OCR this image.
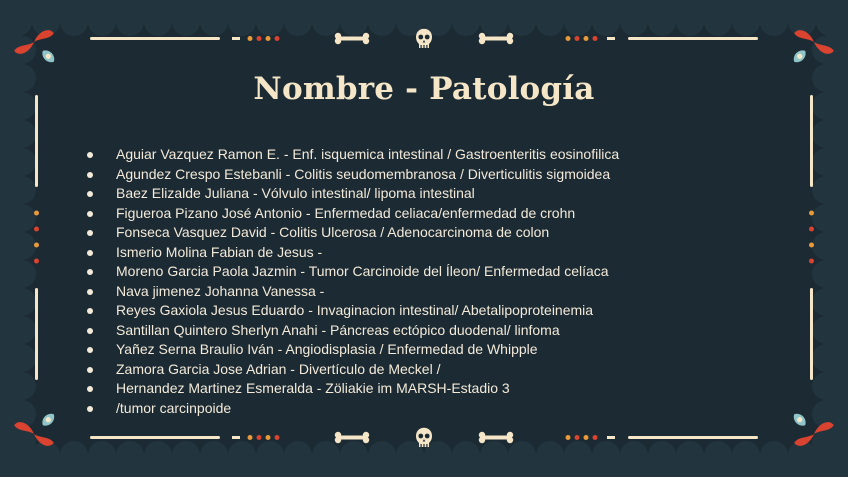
Nombre - Patología
Aguiar Vazquez Ramon E. - Enf. isquemica intestinal / Gastroenteritis eosinofilica
Agundez Crespo Estebanli - Colitis seudomembranosa / Diverticulitis sigmoidea
Baez Elizalde Juliana - Vólvulo intestinal/ lipoma intestinal
Figueroa Pizano José Antonio - Enfermedad celiaca/enfermedad de crohn
Fonseca Vasquez David - Colitis Ulcerosa / Adenocarcinoma de colon
Ismerio Molina Fabian de Jesus -
Moreno Garcia Paola Jazmin - Tumor Carcinoide del Íleon/ Enfermedad celíaca
Nava jimenez Johanna Vanessa -
Reyes Gaxiola Jesus Eduardo - Invaginacion intestinal/ Abetalipoproteinemia
Santillan Quintero Sherlyn Anahi - Páncreas ectópico duodenal/ linfoma
Yañez Serna Braulio Iván - Angiodisplasia / Enfermedad de Whipple
Zamora Garcia Jose Adrian - Divertículo de Meckel /
Hernandez Martinez Esmeralda - Zöliakie im MARSH-Estadio 3
/tumor carcinpoide
